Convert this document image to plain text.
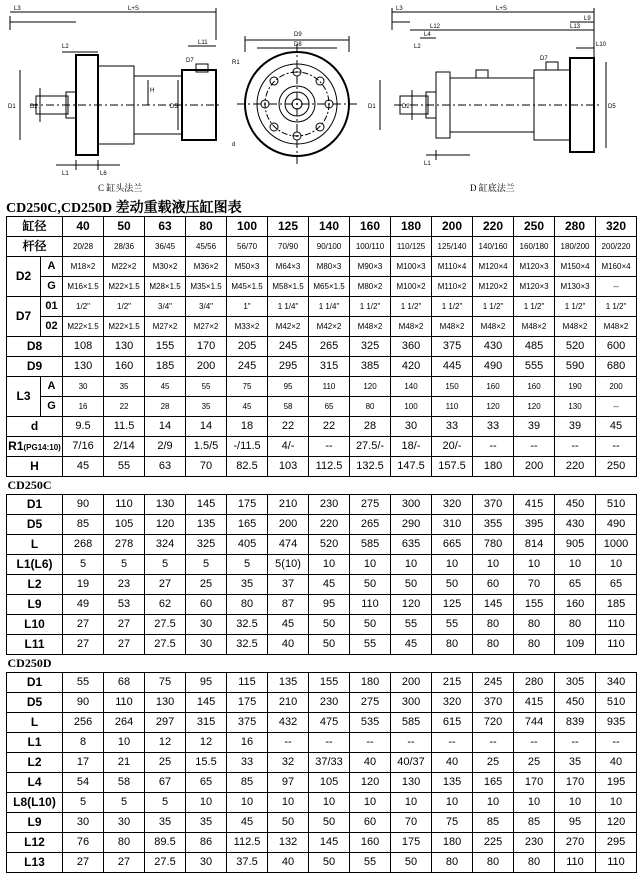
L3	L+S
L2
L11
D7
D1 D2	D5
H
L1	L6
D9
D8
R1
d
L3	L+S
L12	L13
L9
L4
L2	L10
D7
D1	D2	D5
L1
C 缸头法兰	D 缸底法兰
CD250C,CD250D 差动重载液压缸图表
缸径		40	50	63	80	100	125	140	160	180	200	220	250	280	320
杆径		20/28	28/36	36/45	45/56	56/70	70/90	90/100	100/110	110/125	125/140	140/160	160/180	180/200	200/220
D2	A	M18×2	M22×2	M30×2	M36×2	M50×3	M64×3	M80×3	M90×3	M100×3	M110×4	M120×4	M120×3	M150×4	M160×4
	G	M16×1.5	M22×1.5	M28×1.5	M35×1.5	M45×1.5	M58×1.5	M65×1.5	M80×2	M100×2	M110×2	M120×2	M120×3	M130×3	--
D7	01	1/2"	1/2"	3/4"	3/4"	1"	1 1/4"	1 1/4"	1 1/2"	1 1/2"	1 1/2"	1 1/2"	1 1/2"	1 1/2"	1 1/2"
	02	M22×1.5	M22×1.5	M27×2	M27×2	M33×2	M42×2	M42×2	M48×2	M48×2	M48×2	M48×2	M48×2	M48×2	M48×2
D8		108	130	155	170	205	245	265	325	360	375	430	485	520	600
D9		130	160	185	200	245	295	315	385	420	445	490	555	590	680
L3	A	30	35	45	55	75	95	110	120	140	150	160	160	190	200
	G	16	22	28	35	45	58	65	80	100	110	120	120	130	--
d		9.5	11.5	14	14	18	22	22	28	30	33	33	39	39	45
R1(PG14:10)		7/16	2/14	2/9	1.5/5	-/11.5	4/-	--	27.5/-	18/-	20/-	--	--	--	--
H		45	55	63	70	82.5	103	112.5	132.5	147.5	157.5	180	200	220	250
CD250C															
D1		90	110	130	145	175	210	230	275	300	320	370	415	450	510
D5		85	105	120	135	165	200	220	265	290	310	355	395	430	490
L		268	278	324	325	405	474	520	585	635	665	780	814	905	1000
L1(L6)		5	5	5	5	5	5(10)	10	10	10	10	10	10	10	10
L2		19	23	27	25	35	37	45	50	50	50	60	70	65	65
L9		49	53	62	60	80	87	95	110	120	125	145	155	160	185
L10		27	27	27.5	30	32.5	45	50	50	55	55	80	80	80	110
L11		27	27	27.5	30	32.5	40	50	55	45	80	80	80	109	110
CD250D															
D1		55	68	75	95	115	135	155	180	200	215	245	280	305	340
D5		90	110	130	145	175	210	230	275	300	320	370	415	450	510
L		256	264	297	315	375	432	475	535	585	615	720	744	839	935
L1		8	10	12	12	16	--	--	--	--	--	--	--	--	--
L2		17	21	25	15.5	33	32	37/33	40	40/37	40	25	25	35	40
L4		54	58	67	65	85	97	105	120	130	135	165	170	170	195
L8(L10)		5	5	5	10	10	10	10	10	10	10	10	10	10	10
L9		30	30	35	35	45	50	50	60	70	75	85	85	95	120
L12		76	80	89.5	86	112.5	132	145	160	175	180	225	230	270	295
L13		27	27	27.5	30	37.5	40	50	55	50	80	80	80	110	110
